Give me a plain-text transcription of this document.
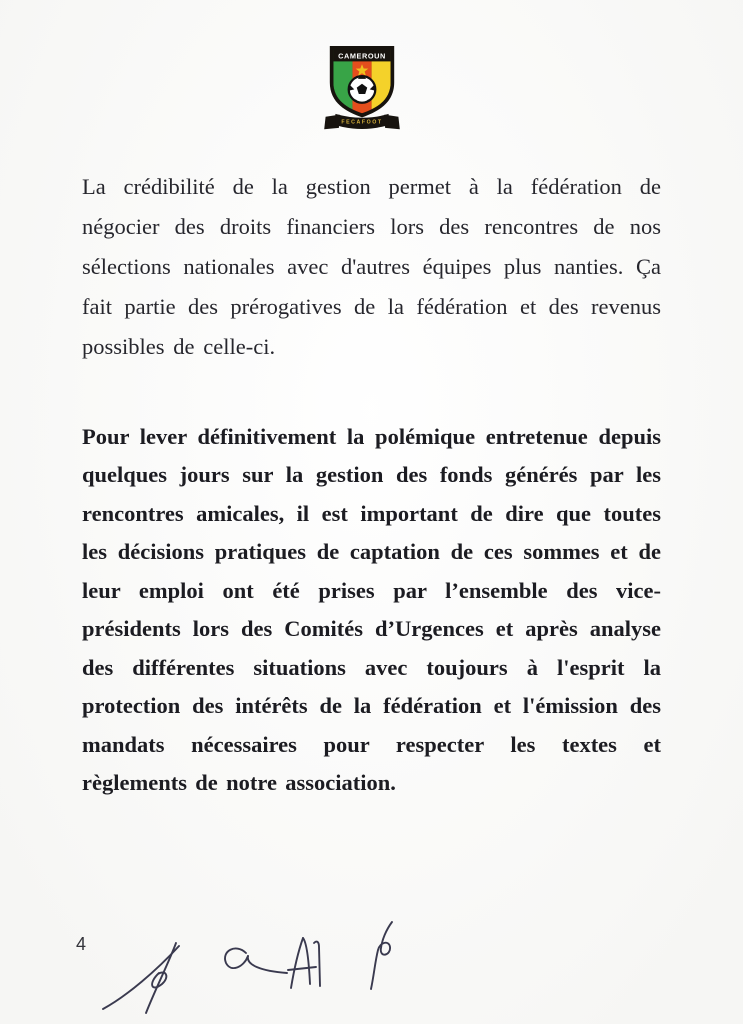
CAMEROUN
FECAFOOT

La crédibilité de la gestion permet à la fédération de négocier des droits financiers lors des rencontres de nos sélections nationales avec d'autres équipes plus nanties. Ça fait partie des prérogatives de la fédération et des revenus possibles de celle-ci.

Pour lever définitivement la polémique entretenue depuis quelques jours sur la gestion des fonds générés par les rencontres amicales, il est important de dire que toutes les décisions pratiques de captation de ces sommes et de leur emploi ont été prises par l’ensemble des vice-présidents lors des Comités d’Urgences et après analyse des différentes situations avec toujours à l'esprit la protection des intérêts de la fédération et l'émission des mandats nécessaires pour respecter les textes et règlements de notre association.

4
